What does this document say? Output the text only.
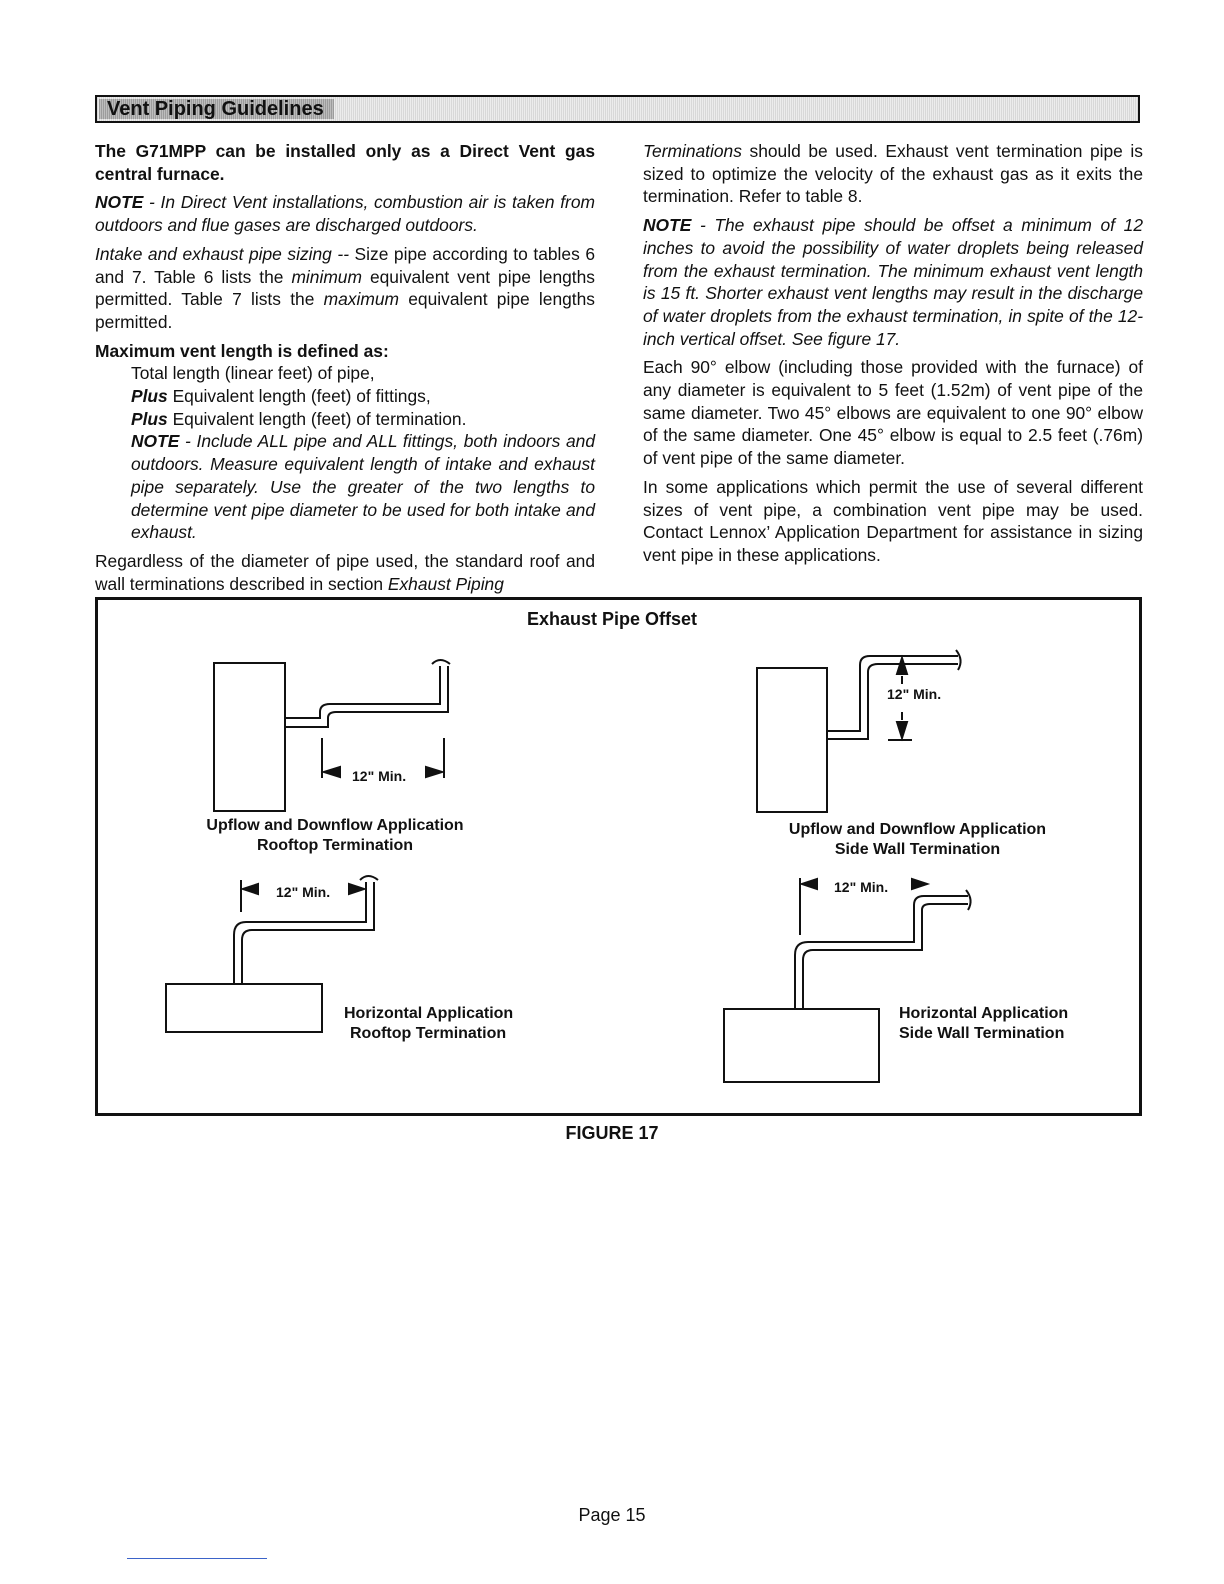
Vent Piping Guidelines

The G71MPP can be installed only as a Direct Vent gas central furnace.

NOTE - In Direct Vent installations, combustion air is taken from outdoors and flue gases are discharged outdoors.

Intake and exhaust pipe sizing -- Size pipe according to tables 6 and 7. Table 6 lists the minimum equivalent vent pipe lengths permitted. Table 7 lists the maximum equivalent pipe lengths permitted.

Maximum vent length is defined as:

Total length (linear feet) of pipe,

Plus Equivalent length (feet) of fittings,

Plus Equivalent length (feet) of termination.

NOTE - Include ALL pipe and ALL fittings, both indoors and outdoors. Measure equivalent length of intake and exhaust pipe separately. Use the greater of the two lengths to determine vent pipe diameter to be used for both intake and exhaust.

Regardless of the diameter of pipe used, the standard roof and wall terminations described in section Exhaust Piping

Terminations should be used. Exhaust vent termination pipe is sized to optimize the velocity of the exhaust gas as it exits the termination. Refer to table 8.

NOTE - The exhaust pipe should be offset a minimum of 12 inches to avoid the possibility of water droplets being released from the exhaust termination. The minimum exhaust vent length is 15 ft. Shorter exhaust vent lengths may result in the discharge of water droplets from the exhaust termination, in spite of the 12-inch vertical offset. See figure 17.

Each 90° elbow (including those provided with the furnace) of any diameter is equivalent to 5 feet (1.52m) of vent pipe of the same diameter. Two 45° elbows are equivalent to one 90° elbow of the same diameter. One 45° elbow is equal to 2.5 feet (.76m) of vent pipe of the same diameter.

In some applications which permit the use of several different sizes of vent pipe, a combination vent pipe may be used. Contact Lennox’ Application Department for assistance in sizing vent pipe in these applications.

Exhaust Pipe Offset
12" Min.
12" Min.
12" Min.	12" Min.
Upflow and Downflow Application
Rooftop Termination
Upflow and Downflow Application
Side Wall Termination
Horizontal Application
Rooftop Termination
Horizontal Application
Side Wall Termination
FIGURE 17
Page 15
